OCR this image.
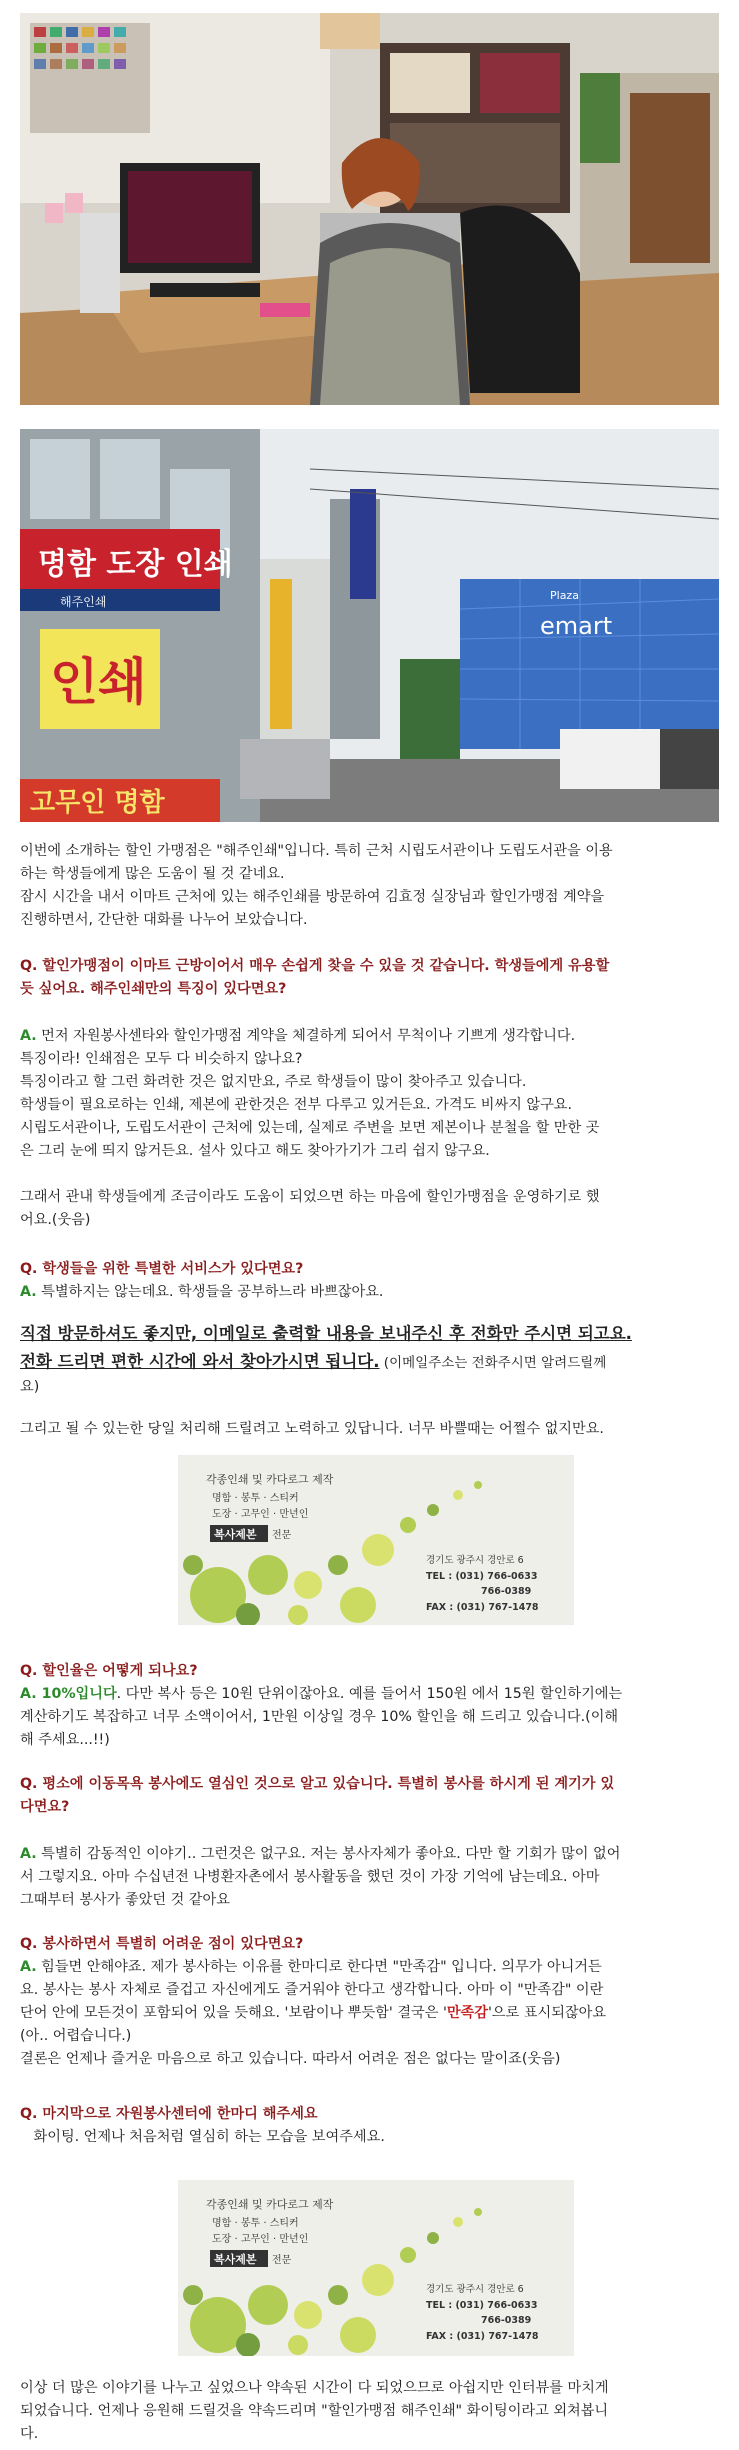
명함 도장 인쇄
해주인쇄
인쇄
고무인 명함
Plaza
emart
이번에 소개하는 할인 가맹점은 "해주인쇄"입니다. 특히 근처 시립도서관이나 도립도서관을 이용
하는 학생들에게 많은 도움이 될 것 같네요.
잠시 시간을 내서 이마트 근처에 있는 해주인쇄를 방문하여 김효정 실장님과 할인가맹점 계약을
진행하면서, 간단한 대화를 나누어 보았습니다.
Q. 할인가맹점이 이마트 근방이어서 매우 손쉽게 찾을 수 있을 것 같습니다. 학생들에게 유용할
듯 싶어요. 해주인쇄만의 특징이 있다면요?
A. 먼저 자원봉사센타와 할인가맹점 계약을 체결하게 되어서 무척이나 기쁘게 생각합니다.
특징이라! 인쇄점은 모두 다 비슷하지 않나요?
특징이라고 할 그런 화려한 것은 없지만요, 주로 학생들이 많이 찾아주고 있습니다.
학생들이 필요로하는 인쇄, 제본에 관한것은 전부 다루고 있거든요. 가격도 비싸지 않구요.
시립도서관이나, 도립도서관이 근처에 있는데, 실제로 주변을 보면 제본이나 분철을 할 만한 곳
은 그리 눈에 띄지 않거든요. 설사 있다고 해도 찾아가기가 그리 쉽지 않구요.
그래서 관내 학생들에게 조금이라도 도움이 되었으면 하는 마음에 할인가맹점을 운영하기로 했
어요.(웃음)
Q. 학생들을 위한 특별한 서비스가 있다면요?
A. 특별하지는 않는데요. 학생들을 공부하느라 바쁘잖아요.
직접 방문하셔도 좋지만, 이메일로 출력할 내용을 보내주신 후 전화만 주시면 되고요.
전화 드리면 편한 시간에 와서 찾아가시면 됩니다. (이메일주소는 전화주시면 알려드릴께
요)
그리고 될 수 있는한 당일 처리해 드릴려고 노력하고 있답니다. 너무 바쁠때는 어쩔수 없지만요.
각종인쇄 및 카다로그 제작
명함 · 봉투 · 스티커
도장 · 고무인 · 만년인
복사제본 전문
경기도 광주시 경안로 6
TEL : (031) 766-0633
766-0389
FAX : (031) 767-1478
Q. 할인율은 어떻게 되나요?
A. 10%입니다. 다만 복사 등은 10원 단위이잖아요. 예를 들어서 150원 에서 15원 할인하기에는
계산하기도 복잡하고 너무 소액이어서, 1만원 이상일 경우 10% 할인을 해 드리고 있습니다.(이해
해 주세요...!!)
Q. 평소에 이동목욕 봉사에도 열심인 것으로 알고 있습니다. 특별히 봉사를 하시게 된 계기가 있
다면요?
A. 특별히 감동적인 이야기.. 그런것은 없구요. 저는 봉사자체가 좋아요. 다만 할 기회가 많이 없어
서 그렇지요. 아마 수십년전 나병환자촌에서 봉사활동을 했던 것이 가장 기억에 남는데요. 아마
그때부터 봉사가 좋았던 것 같아요
Q. 봉사하면서 특별히 어려운 점이 있다면요?
A. 힘들면 안해야죠. 제가 봉사하는 이유를 한마디로 한다면 "만족감" 입니다. 의무가 아니거든
요. 봉사는 봉사 자체로 즐겁고 자신에게도 즐거워야 한다고 생각합니다. 아마 이 "만족감" 이란
단어 안에 모든것이 포함되어 있을 듯해요. '보람이나 뿌듯함' 결국은 '만족감'으로 표시되잖아요
(아.. 어렵습니다.)
결론은 언제나 즐거운 마음으로 하고 있습니다. 따라서 어려운 점은 없다는 말이죠(웃음)
Q. 마지막으로 자원봉사센터에 한마디 해주세요
화이팅. 언제나 처음처럼 열심히 하는 모습을 보여주세요.
각종인쇄 및 카다로그 제작
명함 · 봉투 · 스티커
도장 · 고무인 · 만년인
복사제본 전문
경기도 광주시 경안로 6
TEL : (031) 766-0633
766-0389
FAX : (031) 767-1478
이상 더 많은 이야기를 나누고 싶었으나 약속된 시간이 다 되었으므로 아쉽지만 인터뷰를 마치게
되었습니다. 언제나 응원해 드릴것을 약속드리며 "할인가맹점 해주인쇄" 화이팅이라고 외쳐봅니
다.
